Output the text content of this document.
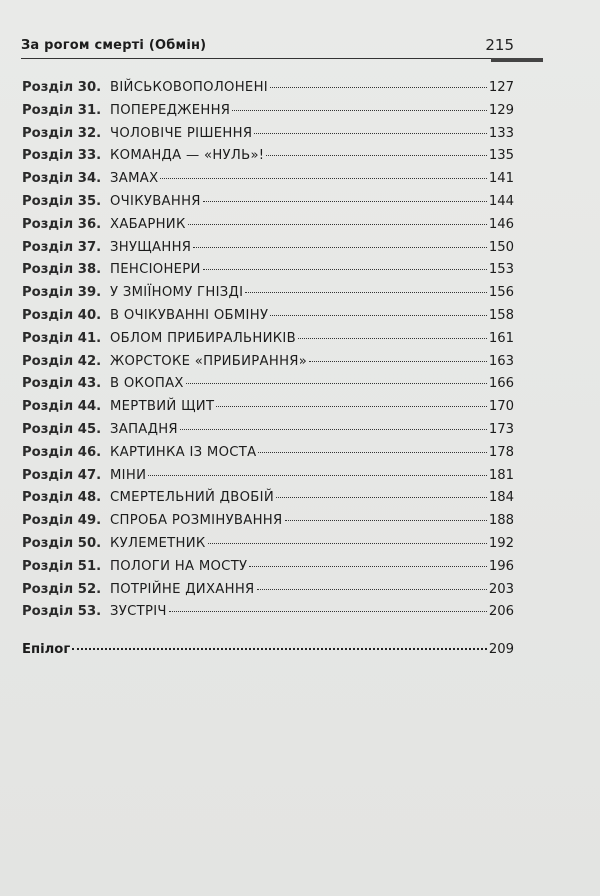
За рогом смерті (Обмін)	215
Розділ 30. ВІЙСЬКОВОПОЛОНЕНІ	127
Розділ 31. ПОПЕРЕДЖЕННЯ	129
Розділ 32. ЧОЛОВІЧЕ РІШЕННЯ	133
Розділ 33. КОМАНДА — «НУЛЬ»!	135
Розділ 34. ЗАМАХ	141
Розділ 35. ОЧІКУВАННЯ	144
Розділ 36. ХАБАРНИК	146
Розділ 37. ЗНУЩАННЯ	150
Розділ 38. ПЕНСІОНЕРИ	153
Розділ 39. У ЗМІЇНОМУ ГНІЗДІ	156
Розділ 40. В ОЧІКУВАННІ ОБМІНУ	158
Розділ 41. ОБЛОМ ПРИБИРАЛЬНИКІВ	161
Розділ 42. ЖОРСТОКЕ «ПРИБИРАННЯ»	163
Розділ 43. В ОКОПАХ	166
Розділ 44. МЕРТВИЙ ЩИТ	170
Розділ 45. ЗАПАДНЯ	173
Розділ 46. КАРТИНКА ІЗ МОСТА	178
Розділ 47. МІНИ	181
Розділ 48. СМЕРТЕЛЬНИЙ ДВОБІЙ	184
Розділ 49. СПРОБА РОЗМІНУВАННЯ	188
Розділ 50. КУЛЕМЕТНИК	192
Розділ 51. ПОЛОГИ НА МОСТУ	196
Розділ 52. ПОТРІЙНЕ ДИХАННЯ	203
Розділ 53. ЗУСТРІЧ	206
Епілог	209
